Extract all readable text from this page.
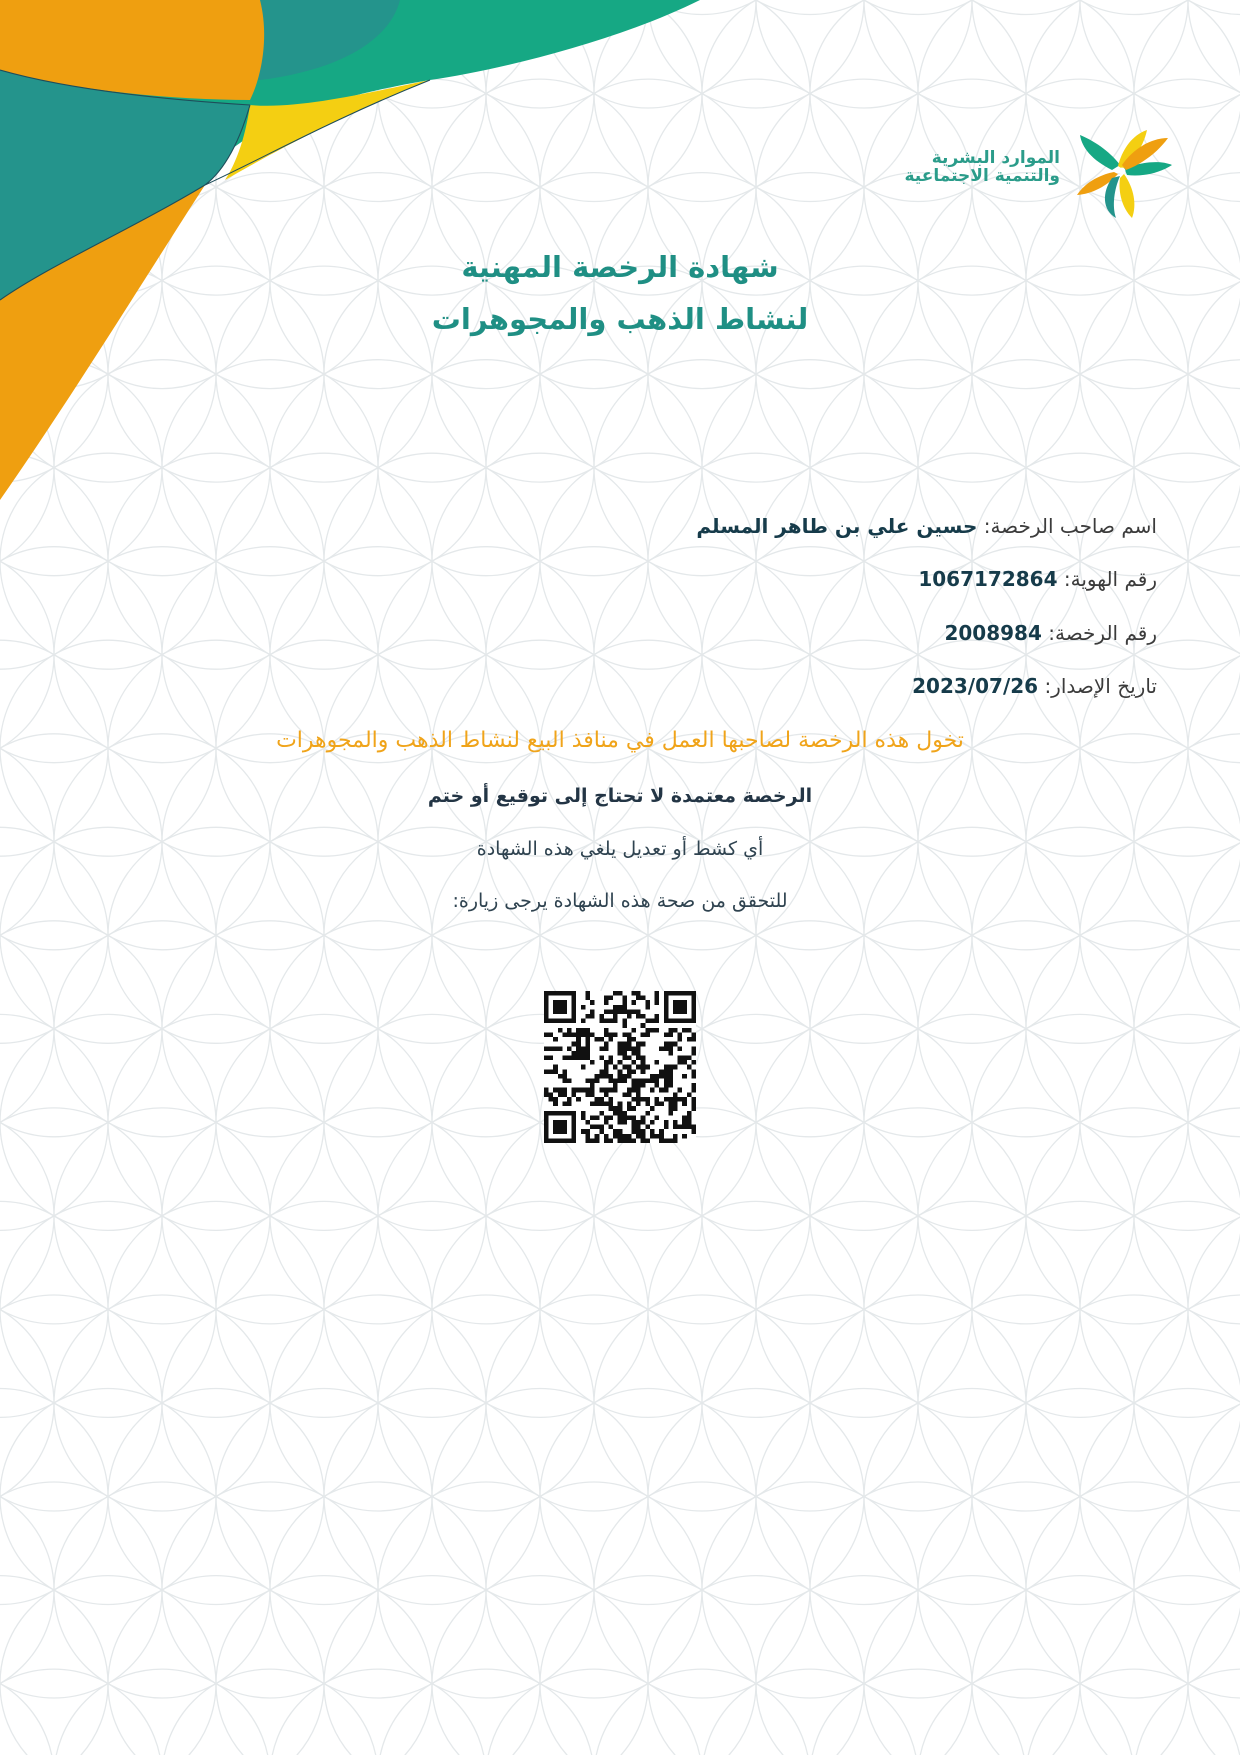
الموارد البشرية
والتنمية الاجتماعية
شهادة الرخصة المهنية
لنشاط الذهب والمجوهرات
اسم صاحب الرخصة: حسين علي بن طاهر المسلم
رقم الهوية: 1067172864
رقم الرخصة: 2008984
تاريخ الإصدار: 2023/07/26
تخول هذه الرخصة لصاحبها العمل في منافذ البيع لنشاط الذهب والمجوهرات
الرخصة معتمدة لا تحتاج إلى توقيع أو ختم
أي كشط أو تعديل يلغي هذه الشهادة
للتحقق من صحة هذه الشهادة يرجى زيارة:
